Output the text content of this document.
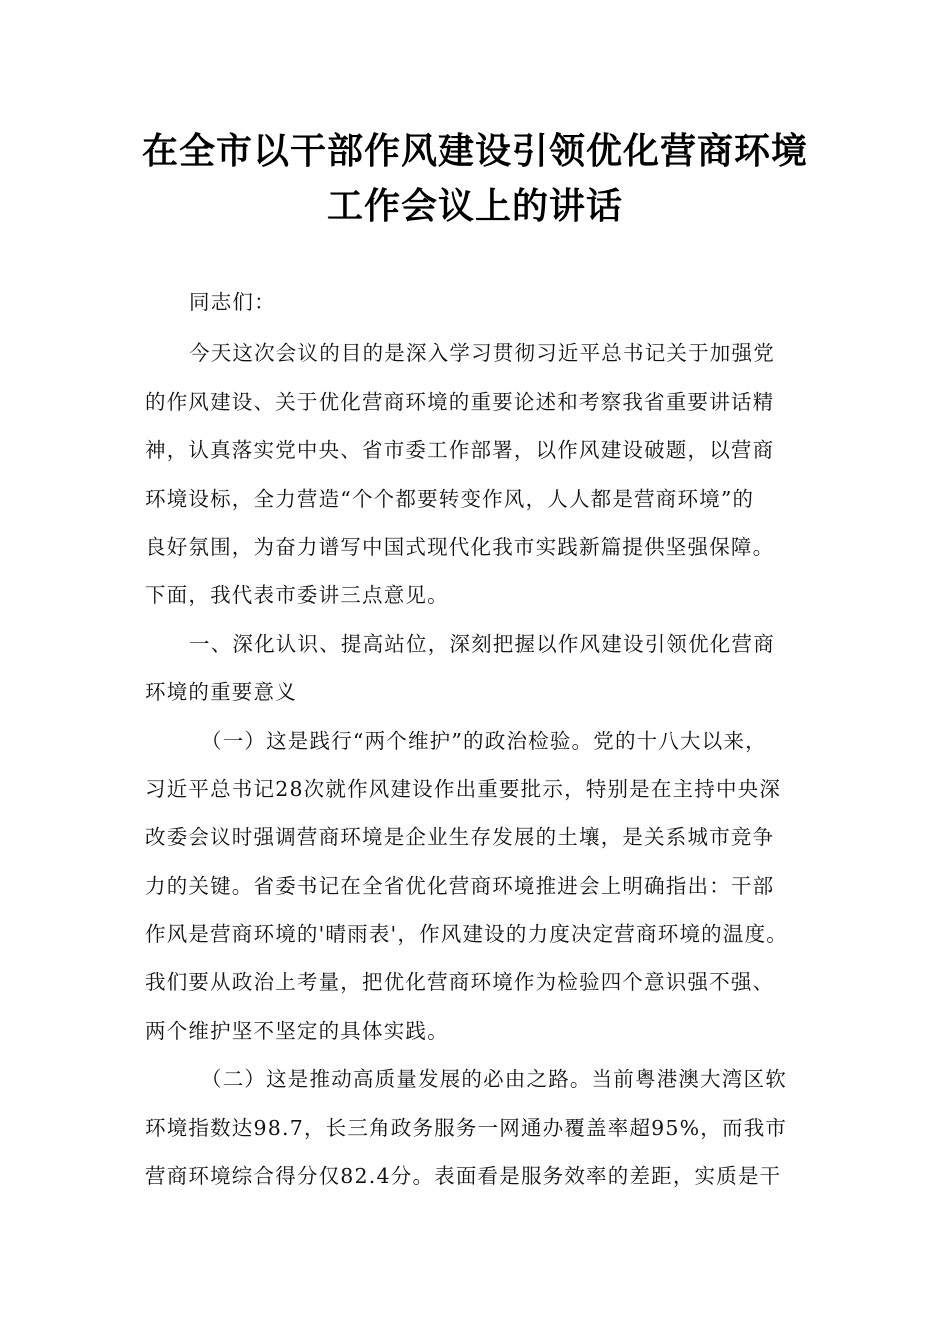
在全市以干部作风建设引领优化营商环境
工作会议上的讲话
同志们：
今天这次会议的目的是深入学习贯彻习近平总书记关于加强党
的作风建设、关于优化营商环境的重要论述和考察我省重要讲话精
神，认真落实党中央、省市委工作部署，以作风建设破题，以营商
环境设标，全力营造“个个都要转变作风，人人都是营商环境”的
良好氛围，为奋力谱写中国式现代化我市实践新篇提供坚强保障。
下面，我代表市委讲三点意见。
一、深化认识、提高站位，深刻把握以作风建设引领优化营商
环境的重要意义
（一）这是践行“两个维护”的政治检验。党的十八大以来，
习近平总书记28次就作风建设作出重要批示，特别是在主持中央深
改委会议时强调营商环境是企业生存发展的土壤，是关系城市竞争
力的关键。省委书记在全省优化营商环境推进会上明确指出：干部
作风是营商环境的'晴雨表'，作风建设的力度决定营商环境的温度。
我们要从政治上考量，把优化营商环境作为检验四个意识强不强、
两个维护坚不坚定的具体实践。
（二）这是推动高质量发展的必由之路。当前粤港澳大湾区软
环境指数达98.7，长三角政务服务一网通办覆盖率超95%，而我市
营商环境综合得分仅82.4分。表面看是服务效率的差距，实质是干
